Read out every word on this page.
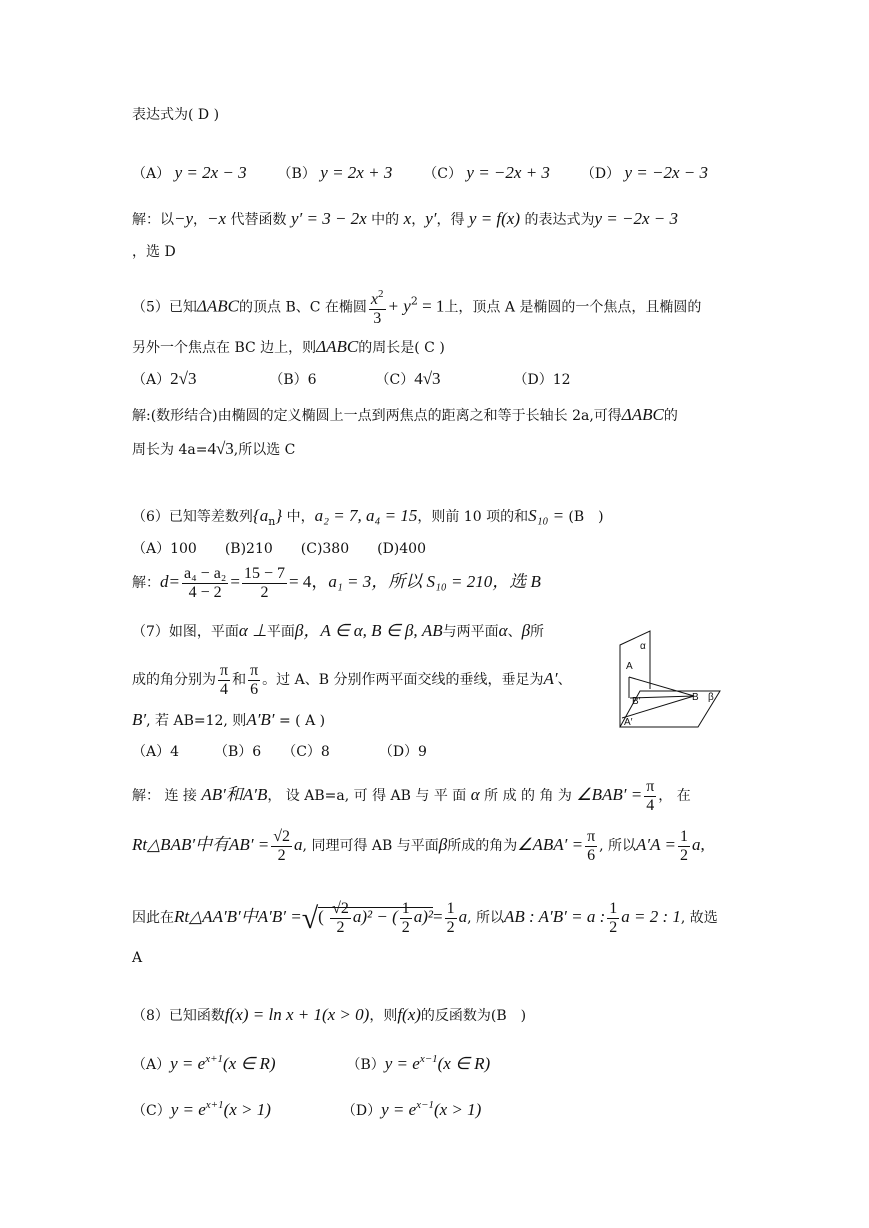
表达式为( D )
（A） y = 2x − 3 （B） y = 2x + 3 （C） y = −2x + 3 （D） y = −2x − 3
解：以−y，−x 代替函数 y′ = 3 − 2x 中的 x，y′，得 y = f(x) 的表达式为y = −2x − 3
，选 D
（5）已知ΔABC的顶点 B、C 在椭圆 $\frac{x^2}{3} + y^2 = 1$上，顶点 A 是椭圆的一个焦点，且椭圆的
另外一个焦点在 BC 边上，则ΔABC的周长是( C )
（A）2√3	（B）6	（C）4√3	（D）12
解:(数形结合)由椭圆的定义椭圆上一点到两焦点的距离之和等于长轴长 2a,可得ΔABC的
周长为 4a=4√3,所以选 C
（6）已知等差数列$\{a_n\}$ 中，a₂ = 7, a₄ = 15，则前 10 项的和S₁₀ = (B　)
（A）100　　(B)210　　(C)380　　(D)400
解：$d= \frac{\text{a₄ − a₂}}{4 - 2} = \frac{15 - 7}{2} = 4$，a₁ = 3，所以 S₁₀ = 210，选 B
（7）如图，平面α ⊥平面β，A ∈ α, B ∈ β, AB与两平面α、β所
成的角分别为 $\frac{\pi}{4}$ 和 $\frac{\pi}{6}$ 。过 A、B 分别作两平面交线的垂线，垂足为A′、
B′, 若 AB=12, 则A′B′ = ( A )
（A）4　　　（B）6　　（C）8　　　　（D）9
α
A
B′	B β
A′
解： 连 接 AB′和A′B， 设 AB=a, 可 得 AB 与 平 面 α 所 成 的 角 为 ∠BAB′ = $\frac{\pi}{4}$ ， 在
Rt△BAB′中有$AB' = \frac{√2}{2} a$, 同理可得 AB 与平面β所成的角为∠ABA′ = $\frac{\pi}{6}$ , 所以$A'A = \frac{1}{2} a$,
因此在Rt△AA′B′中A′B′ =√( $\frac{√2}{2} a)^2$ − ( $\frac{1}{2} a)^2= \frac{1}{2} a$, 所以AB : A′B′ = a : $\frac{1}{2}$ a = 2 : 1, 故选
A
（8）已知函数f(x) = ln x + 1(x > 0)，则f(x)的反函数为(B　)
$(A)y = e^{x+1}(x$ ∈ R)	$(B)y = e^{x-1}(x$ ∈ R)
$(C)y = e^{x+1}(x > 1)$	$(D)y = e^{x-1}(x > 1)$
